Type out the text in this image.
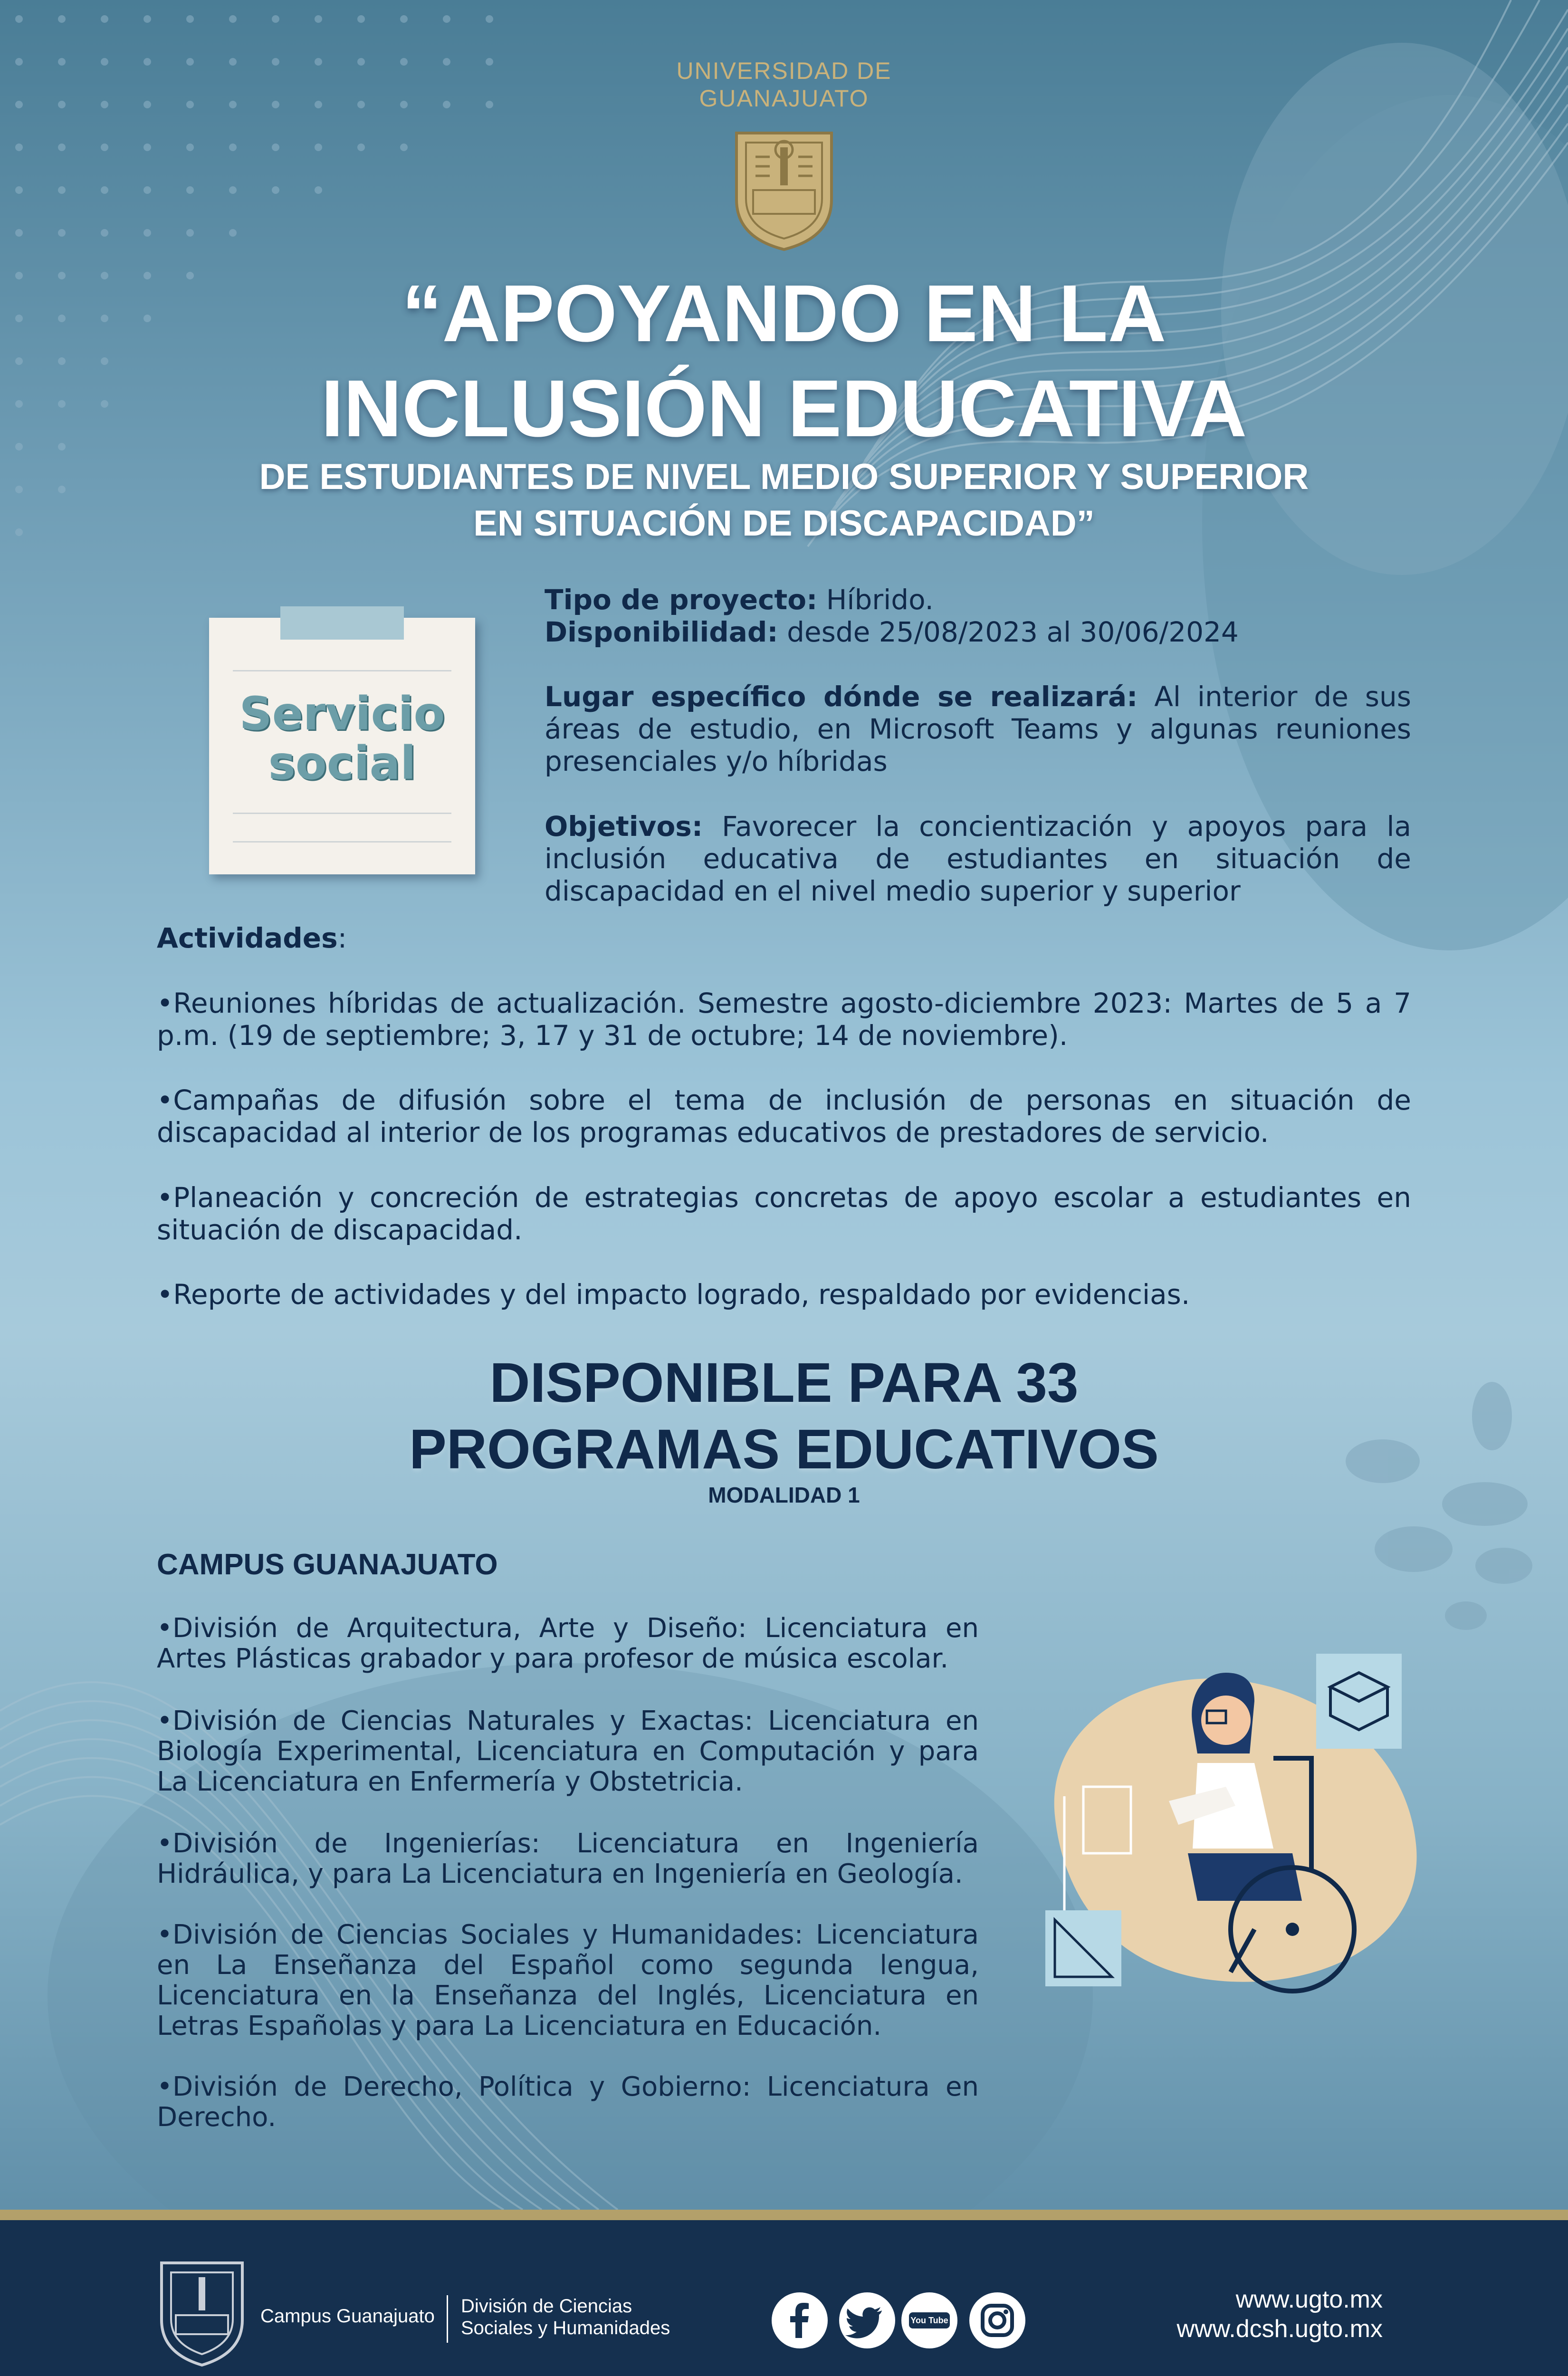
UNIVERSIDAD DE
GUANAJUATO
“APOYANDO EN LA
INCLUSIÓN EDUCATIVA
DE ESTUDIANTES DE NIVEL MEDIO SUPERIOR Y SUPERIOR
EN SITUACIÓN DE DISCAPACIDAD”
Servicio
social
Tipo de proyecto: Híbrido.
Disponibilidad: desde 25/08/2023 al 30/06/2024
Lugar específico dónde se realizará: Al interior de sus áreas de estudio, en Microsoft Teams y algunas reuniones presenciales y/o híbridas
Objetivos: Favorecer la concientización y apoyos para la inclusión educativa de estudiantes en situación de discapacidad en el nivel medio superior y superior
Actividades:
•Reuniones híbridas de actualización. Semestre agosto-diciembre 2023: Martes de 5 a 7 p.m. (19 de septiembre; 3, 17 y 31 de octubre; 14 de noviembre).
•Campañas de difusión sobre el tema de inclusión de personas en situación de discapacidad al interior de los programas educativos de prestadores de servicio.
•Planeación y concreción de estrategias concretas de apoyo escolar a estudiantes en situación de discapacidad.
•Reporte de actividades y del impacto logrado, respaldado por evidencias.
DISPONIBLE PARA 33
PROGRAMAS EDUCATIVOS
MODALIDAD 1
CAMPUS GUANAJUATO
•División de Arquitectura, Arte y Diseño: Licenciatura en Artes Plásticas grabador y para profesor de música escolar.
•División de Ciencias Naturales y Exactas: Licenciatura en Biología Experimental, Licenciatura en Computación y para La Licenciatura en Enfermería y Obstetricia.
•División de Ingenierías: Licenciatura en Ingeniería Hidráulica, y para La Licenciatura en Ingeniería en Geología.
•División de Ciencias Sociales y Humanidades: Licenciatura en La Enseñanza del Español como segunda lengua, Licenciatura en la Enseñanza del Inglés, Licenciatura en Letras Españolas y para La Licenciatura en Educación.
•División de Derecho, Política y Gobierno: Licenciatura en Derecho.
Campus Guanajuato División de Ciencias
Sociales y Humanidades	You Tube
www.ugto.mx
www.dcsh.ugto.mx
